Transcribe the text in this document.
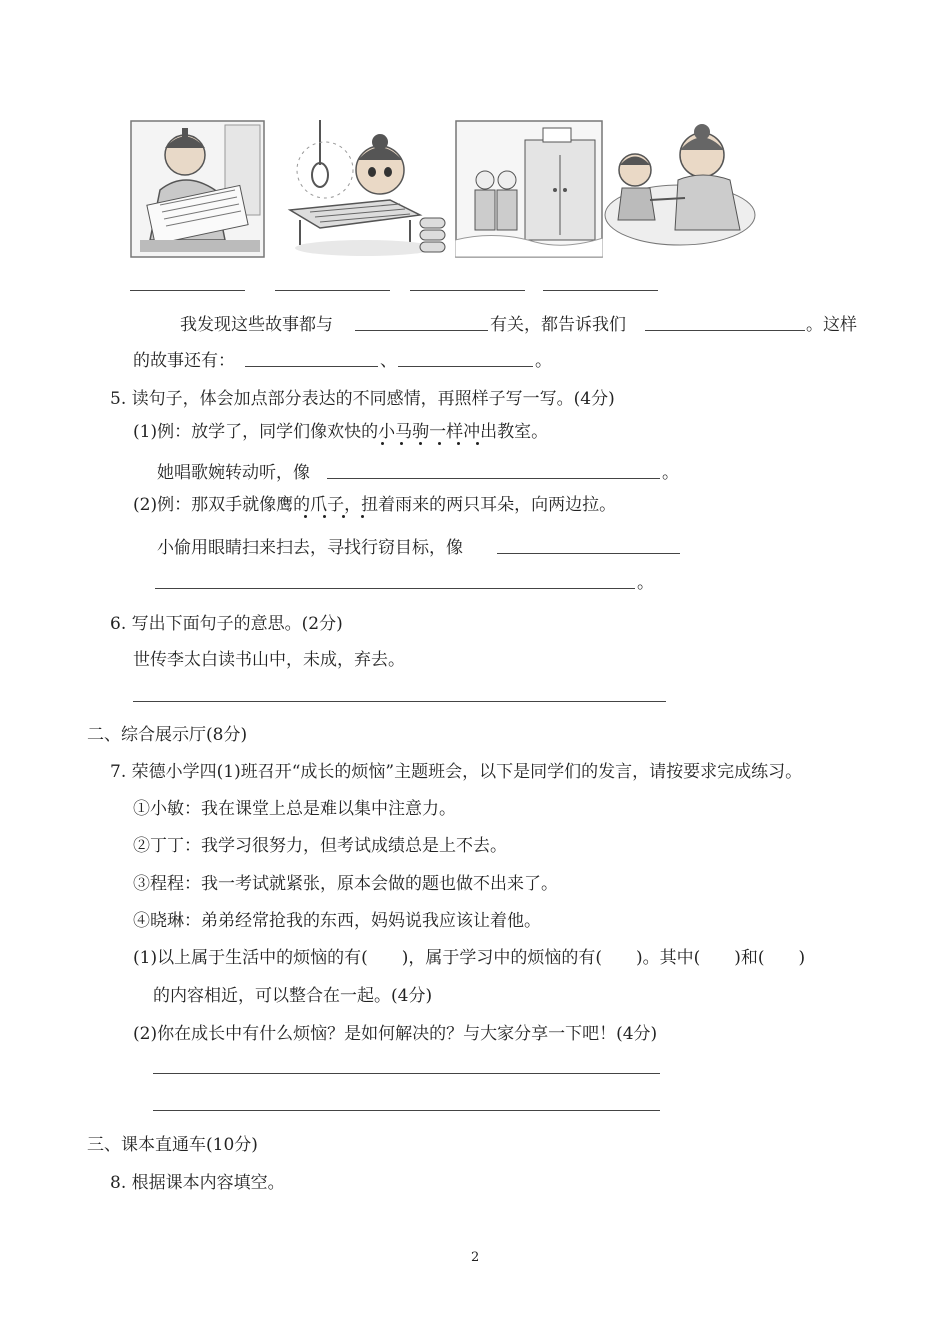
我发现这些故事都与	有关，都告诉我们	。这样
的故事还有：	、	。
5. 读句子，体会加点部分表达的不同感情，再照样子写一写。(4分)
(1)例：放学了，同学们像欢快的小马驹一样冲出教室。
她唱歌婉转动听，像	。
(2)例：那双手就像鹰的爪子，扭着雨来的两只耳朵，向两边拉。
小偷用眼睛扫来扫去，寻找行窃目标，像
。
6. 写出下面句子的意思。(2分)
世传李太白读书山中，未成，弃去。
二、综合展示厅(8分)
7. 荣德小学四(1)班召开“成长的烦恼”主题班会，以下是同学们的发言，请按要求完成练习。
①小敏：我在课堂上总是难以集中注意力。
②丁丁：我学习很努力，但考试成绩总是上不去。
③程程：我一考试就紧张，原本会做的题也做不出来了。
④晓琳：弟弟经常抢我的东西，妈妈说我应该让着他。
(1)以上属于生活中的烦恼的有(　　)，属于学习中的烦恼的有(　　)。其中(　　)和(　　)
的内容相近，可以整合在一起。(4分)
(2)你在成长中有什么烦恼？是如何解决的？与大家分享一下吧！(4分)
三、课本直通车(10分)
8. 根据课本内容填空。
2
